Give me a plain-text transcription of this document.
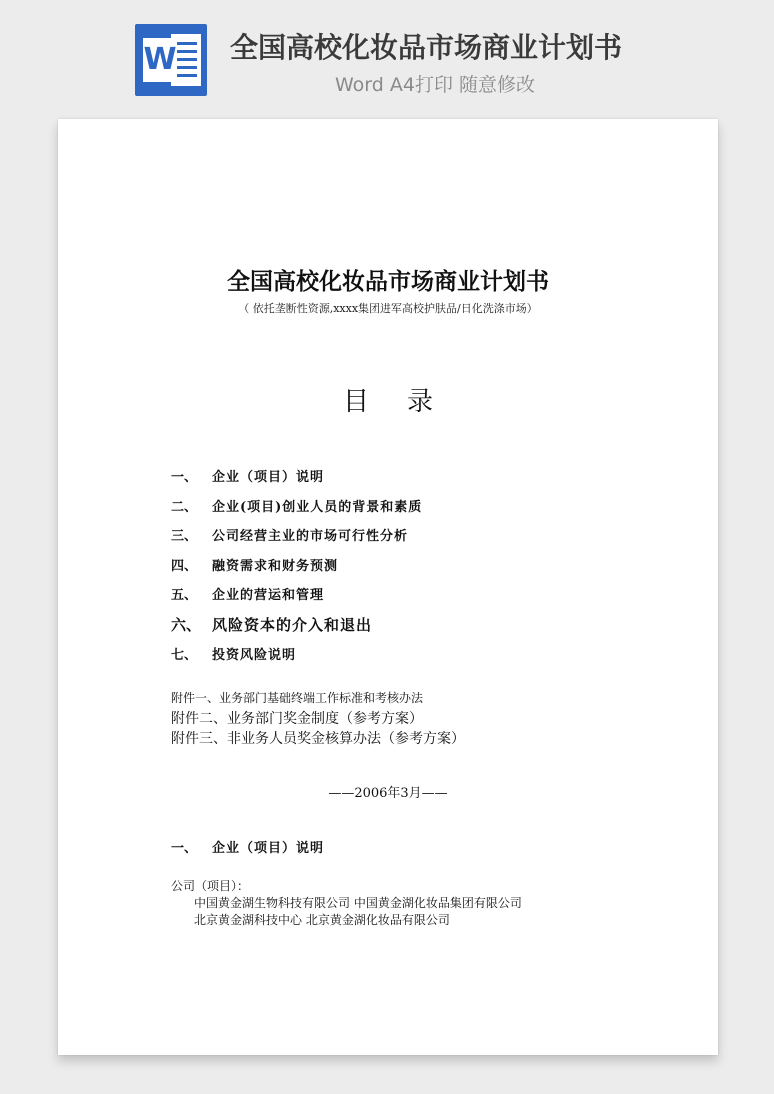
W 全国高校化妆品市场商业计划书
Word A4打印 随意修改
全国高校化妆品市场商业计划书
（ 依托垄断性资源,xxxx集团进军高校护肤品/日化洗涤市场）
目 录
一、 企业（项目）说明
二、 企业(项目)创业人员的背景和素质
三、 公司经营主业的市场可行性分析
四、 融资需求和财务预测
五、 企业的营运和管理
六、 风险资本的介入和退出
七、 投资风险说明
附件一、业务部门基础终端工作标准和考核办法
附件二、业务部门奖金制度（参考方案）
附件三、非业务人员奖金核算办法（参考方案）
——2006年3月——
一、 企业（项目）说明
公司（项目）：
中国黄金湖生物科技有限公司 中国黄金湖化妆品集团有限公司
北京黄金湖科技中心 北京黄金湖化妆品有限公司
